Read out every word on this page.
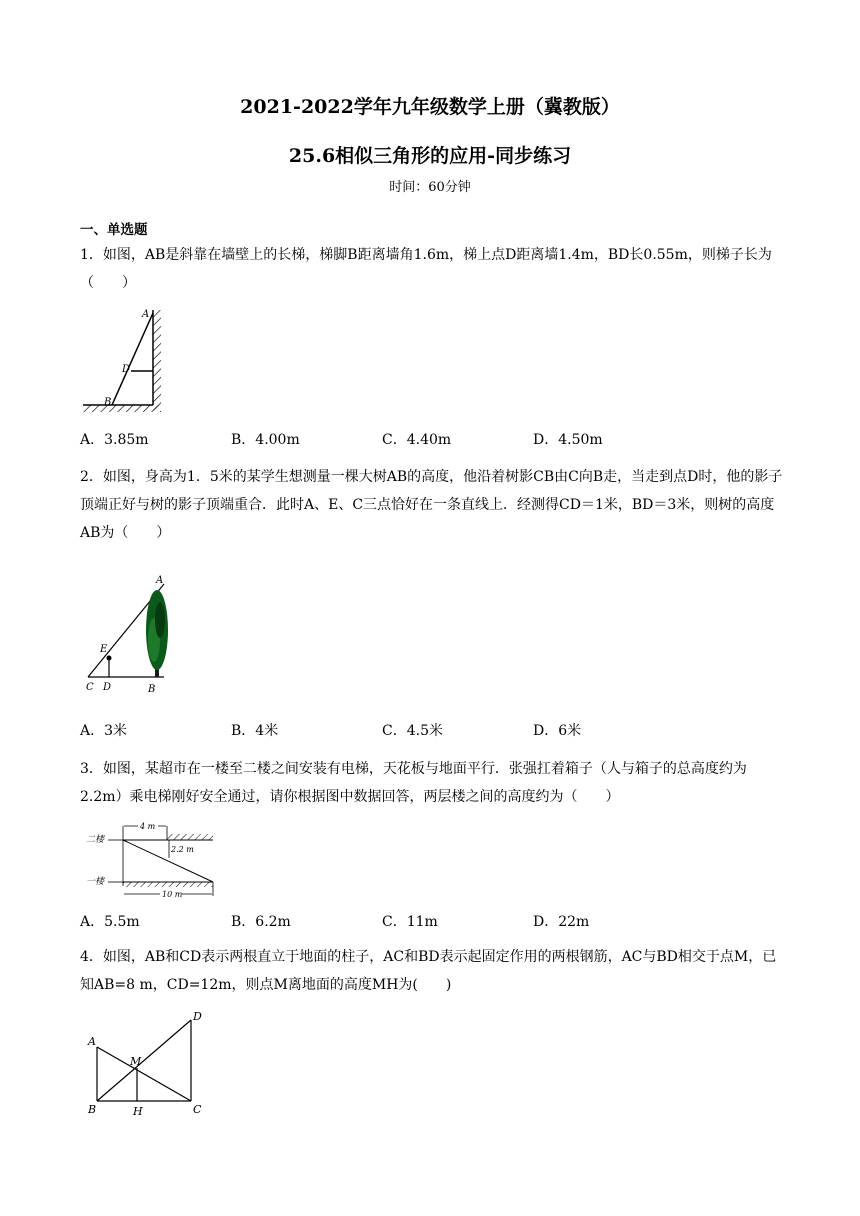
2021-2022学年九年级数学上册（冀教版）
25.6相似三角形的应用-同步练习
时间：60分钟
一、单选题
1．如图，AB是斜靠在墙壁上的长梯，梯脚B距离墙角1.6m，梯上点D距离墙1.4m，BD长0.55m，则梯子长为（　　）
A
D
B
A．3.85m	B．4.00m	C．4.40m	D．4.50m
2．如图，身高为1．5米的某学生想测量一棵大树AB的高度，他沿着树影CB由C向B走，当走到点D时，他的影子顶端正好与树的影子顶端重合．此时A、E、C三点恰好在一条直线上．经测得CD＝1米，BD＝3米，则树的高度AB为（　　）
A
E
C D	B
A．3米	B．4米	C．4.5米	D．6米
3．如图，某超市在一楼至二楼之间安装有电梯，天花板与地面平行．张强扛着箱子（人与箱子的总高度约为2.2m）乘电梯刚好安全通过，请你根据图中数据回答，两层楼之间的高度约为（　　）
4 m
2.2 m
10 m
二楼
一楼
A．5.5m	B．6.2m	C．11m	D．22m
4．如图，AB和CD表示两根直立于地面的柱子，AC和BD表示起固定作用的两根钢筋，AC与BD相交于点M，已知AB=8 m，CD=12m，则点M离地面的高度MH为(　　)
A
M
D
B	H	C
